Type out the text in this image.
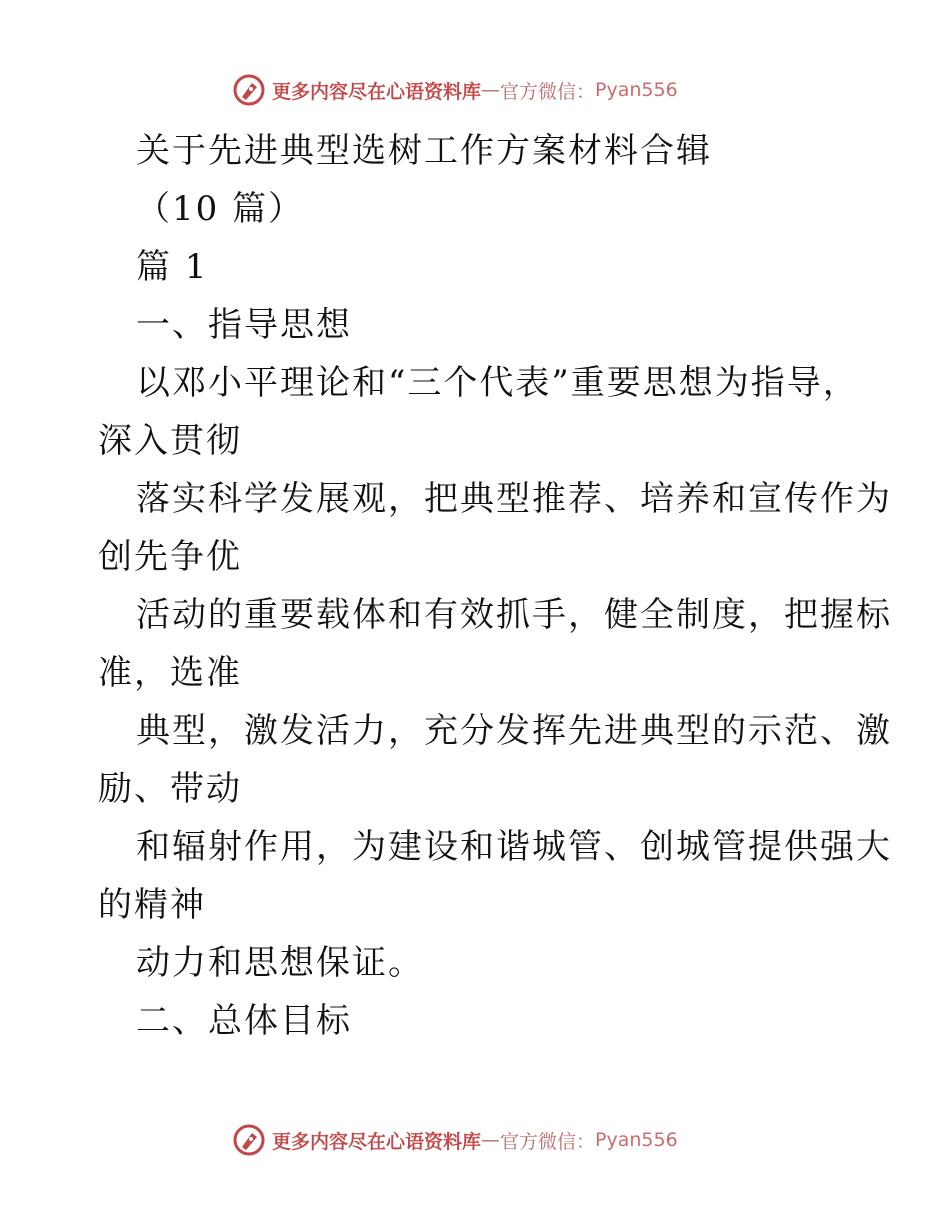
更多内容尽在心语资料库 — 官方微信： Pyan556
关于先进典型选树工作方案材料合辑
（10 篇）
篇 1
一、指导思想
以邓小平理论和“三个代表”重要思想为指导，
深入贯彻
落实科学发展观，把典型推荐、培养和宣传作为
创先争优
活动的重要载体和有效抓手，健全制度，把握标
准，选准
典型，激发活力，充分发挥先进典型的示范、激
励、带动
和辐射作用，为建设和谐城管、创城管提供强大
的精神
动力和思想保证。
二、总体目标
更多内容尽在心语资料库 — 官方微信： Pyan556
